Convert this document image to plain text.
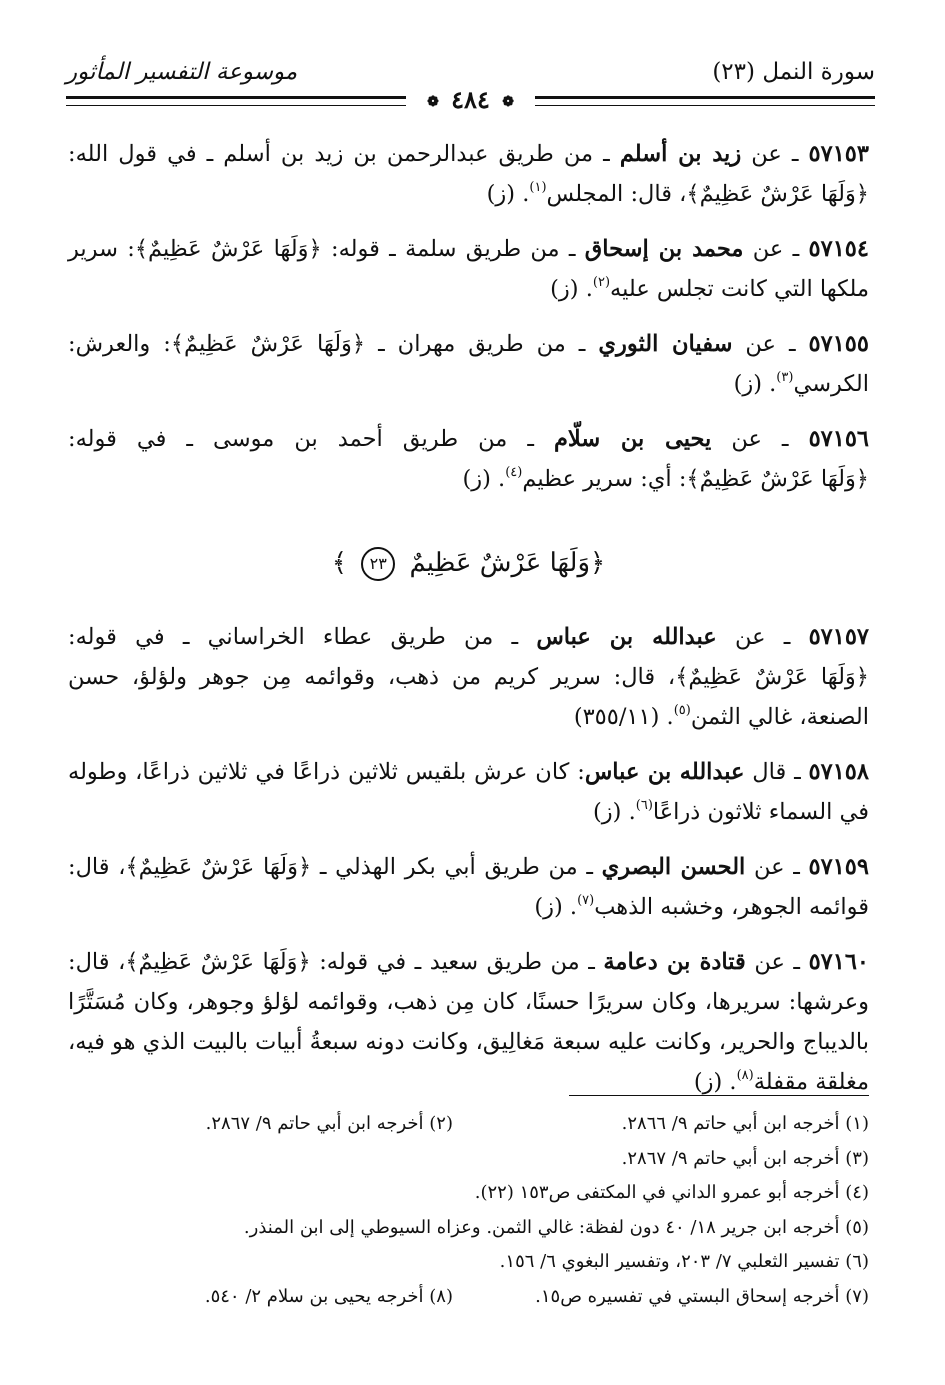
سورة النمل (٢٣)
موسوعة التفسير المأثور
❁ ٤٨٤ ❁

٥٧١٥٣ ـ عن زيد بن أسلم ـ من طريق عبدالرحمن بن زيد بن أسلم ـ في قول الله: ﴿وَلَهَا عَرْشٌ عَظِيمٌ﴾، قال: المجلس$^{(١)}$. (ز)

٥٧١٥٤ ـ عن محمد بن إسحاق ـ من طريق سلمة ـ قوله: ﴿وَلَهَا عَرْشٌ عَظِيمٌ﴾: سرير ملكها التي كانت تجلس عليه$^{(٢)}$. (ز)

٥٧١٥٥ ـ عن سفيان الثوري ـ من طريق مهران ـ ﴿وَلَهَا عَرْشٌ عَظِيمٌ﴾: والعرش: الكرسي$^{(٣)}$. (ز)

٥٧١٥٦ ـ عن يحيى بن سلّام ـ من طريق أحمد بن موسى ـ في قوله: ﴿وَلَهَا عَرْشٌ عَظِيمٌ﴾: أي: سرير عظيم$^{(٤)}$. (ز)

﴿وَلَهَا عَرْشٌ عَظِيمٌ ٢٣ ﴾

٥٧١٥٧ ـ عن عبدالله بن عباس ـ من طريق عطاء الخراساني ـ في قوله: ﴿وَلَهَا عَرْشٌ عَظِيمٌ﴾، قال: سرير كريم من ذهب، وقوائمه مِن جوهر ولؤلؤ، حسن الصنعة، غالي الثمن$^{(٥)}$. (٣٥٥/١١)

٥٧١٥٨ ـ قال عبدالله بن عباس: كان عرش بلقيس ثلاثين ذراعًا في ثلاثين ذراعًا، وطوله في السماء ثلاثون ذراعًا$^{(٦)}$. (ز)

٥٧١٥٩ ـ عن الحسن البصري ـ من طريق أبي بكر الهذلي ـ ﴿وَلَهَا عَرْشٌ عَظِيمٌ﴾، قال: قوائمه الجوهر، وخشبه الذهب$^{(٧)}$. (ز)

٥٧١٦٠ ـ عن قتادة بن دعامة ـ من طريق سعيد ـ في قوله: ﴿وَلَهَا عَرْشٌ عَظِيمٌ﴾، قال: وعرشها: سريرها، وكان سريرًا حسنًا، كان مِن ذهب، وقوائمه لؤلؤ وجوهر، وكان مُسَتَّرًا بالديباج والحرير، وكانت عليه سبعة مَغالِيق، وكانت دونه سبعةُ أبيات بالبيت الذي هو فيه، مغلقة مقفلة$^{(٨)}$. (ز)

(١) أخرجه ابن أبي حاتم ٩/ ٢٨٦٦.
(٢) أخرجه ابن أبي حاتم ٩/ ٢٨٦٧.
(٣) أخرجه ابن أبي حاتم ٩/ ٢٨٦٧.
(٤) أخرجه أبو عمرو الداني في المكتفى ص١٥٣ (٢٢).
(٥) أخرجه ابن جرير ١٨/ ٤٠ دون لفظة: غالي الثمن. وعزاه السيوطي إلى ابن المنذر.
(٦) تفسير الثعلبي ٧/ ٢٠٣، وتفسير البغوي ٦/ ١٥٦.
(٧) أخرجه إسحاق البستي في تفسيره ص١٥.
(٨) أخرجه يحيى بن سلام ٢/ ٥٤٠.
